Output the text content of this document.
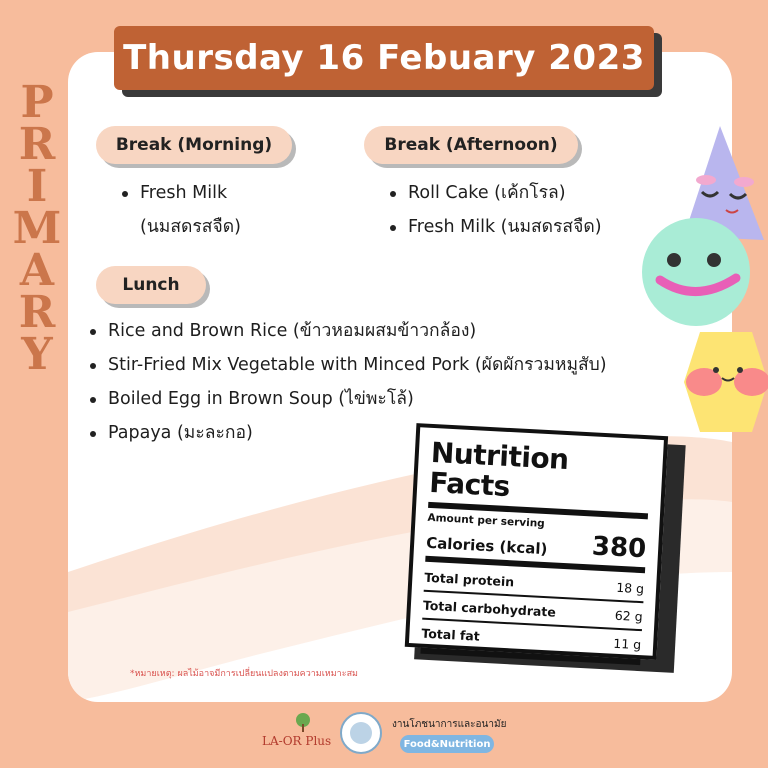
P
R
I
M
A
R
Y
Thursday 16 Febuary 2023
Break (Morning)
Fresh Milk
(นมสดรสจืด)
Break (Afternoon)
Roll Cake (เค้กโรล)
Fresh Milk (นมสดรสจืด)
Lunch
Rice and Brown Rice (ข้าวหอมผสมข้าวกล้อง)
Stir-Fried Mix Vegetable with Minced Pork (ผัดผักรวมหมูสับ)
Boiled Egg in Brown Soup (ไข่พะโล้)
Papaya (มะละกอ)
Nutrition Facts
Amount per serving
Calories (kcal) 380
Total protein	18 g
Total carbohydrate	62 g
Total fat
11 g
*หมายเหตุ: ผลไม้อาจมีการเปลี่ยนแปลงตามความเหมาะสม
LA-OR Plus
งานโภชนาการและอนามัย
Food&Nutrition
